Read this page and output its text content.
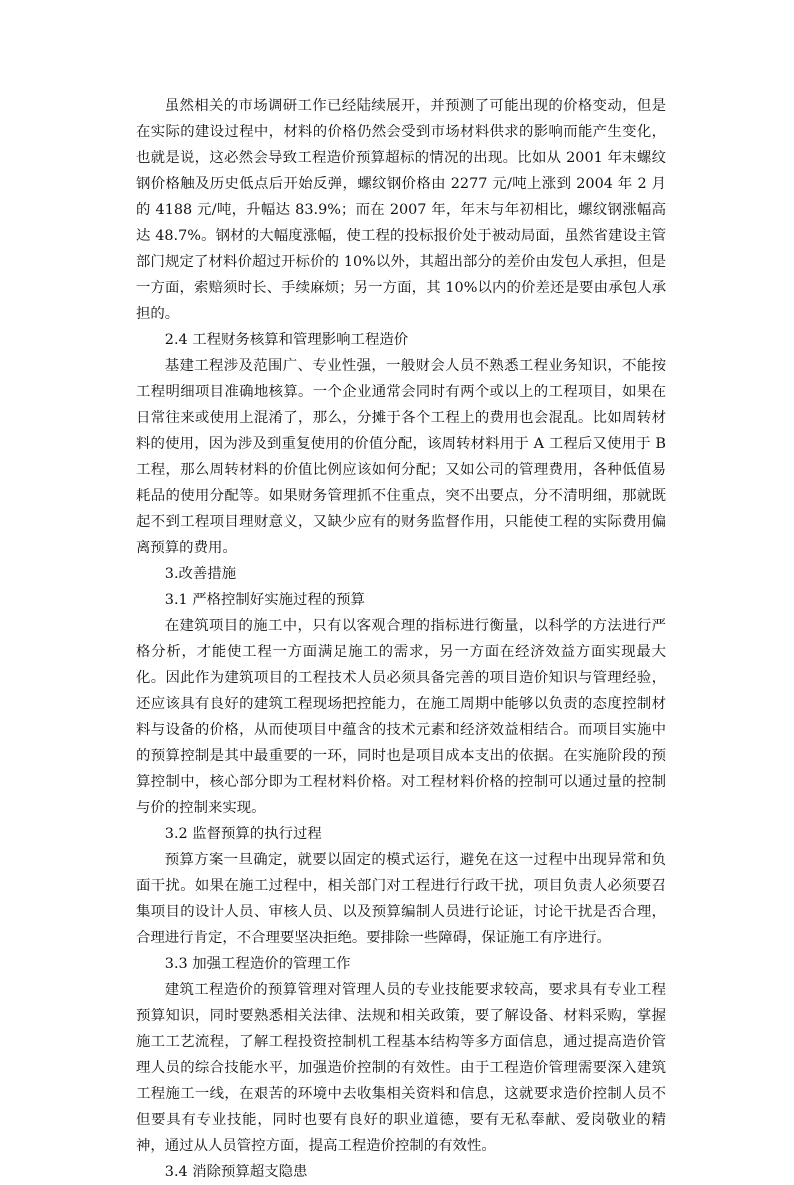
虽然相关的市场调研工作已经陆续展开，并预测了可能出现的价格变动，但是在实际的建设过程中，材料的价格仍然会受到市场材料供求的影响而能产生变化，也就是说，这必然会导致工程造价预算超标的情况的出现。比如从 2001 年末螺纹钢价格触及历史低点后开始反弹，螺纹钢价格由 2277 元/吨上涨到 2004 年 2 月的 4188 元/吨，升幅达 83.9%；而在 2007 年，年末与年初相比，螺纹钢涨幅高达 48.7%。钢材的大幅度涨幅，使工程的投标报价处于被动局面，虽然省建设主管部门规定了材料价超过开标价的 10%以外，其超出部分的差价由发包人承担，但是一方面，索赔须时长、手续麻烦；另一方面，其 10%以内的价差还是要由承包人承担的。

2.4 工程财务核算和管理影响工程造价

基建工程涉及范围广、专业性强，一般财会人员不熟悉工程业务知识，不能按工程明细项目准确地核算。一个企业通常会同时有两个或以上的工程项目，如果在日常往来或使用上混淆了，那么，分摊于各个工程上的费用也会混乱。比如周转材料的使用，因为涉及到重复使用的价值分配，该周转材料用于 A 工程后又使用于 B 工程，那么周转材料的价值比例应该如何分配；又如公司的管理费用，各种低值易耗品的使用分配等。如果财务管理抓不住重点，突不出要点，分不清明细，那就既起不到工程项目理财意义，又缺少应有的财务监督作用，只能使工程的实际费用偏离预算的费用。

3.改善措施

3.1 严格控制好实施过程的预算

在建筑项目的施工中，只有以客观合理的指标进行衡量，以科学的方法进行严格分析，才能使工程一方面满足施工的需求，另一方面在经济效益方面实现最大化。因此作为建筑项目的工程技术人员必须具备完善的项目造价知识与管理经验，还应该具有良好的建筑工程现场把控能力，在施工周期中能够以负责的态度控制材料与设备的价格，从而使项目中蕴含的技术元素和经济效益相结合。而项目实施中的预算控制是其中最重要的一环，同时也是项目成本支出的依据。在实施阶段的预算控制中，核心部分即为工程材料价格。对工程材料价格的控制可以通过量的控制与价的控制来实现。

3.2 监督预算的执行过程

预算方案一旦确定，就要以固定的模式运行，避免在这一过程中出现异常和负面干扰。如果在施工过程中，相关部门对工程进行行政干扰，项目负责人必须要召集项目的设计人员、审核人员、以及预算编制人员进行论证，讨论干扰是否合理，合理进行肯定，不合理要坚决拒绝。要排除一些障碍，保证施工有序进行。

3.3 加强工程造价的管理工作

建筑工程造价的预算管理对管理人员的专业技能要求较高，要求具有专业工程预算知识，同时要熟悉相关法律、法规和相关政策，要了解设备、材料采购，掌握施工工艺流程，了解工程投资控制机工程基本结构等多方面信息，通过提高造价管理人员的综合技能水平，加强造价控制的有效性。由于工程造价管理需要深入建筑工程施工一线，在艰苦的环境中去收集相关资料和信息，这就要求造价控制人员不但要具有专业技能，同时也要有良好的职业道德，要有无私奉献、爱岗敬业的精神，通过从人员管控方面，提高工程造价控制的有效性。

3.4 消除预算超支隐患
